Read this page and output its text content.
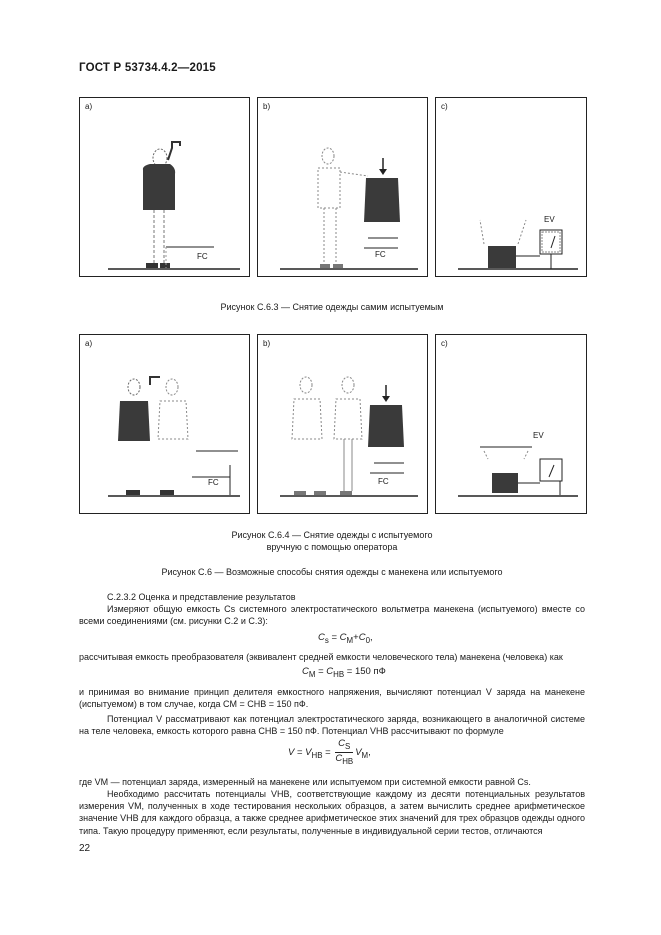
ГОСТ Р 53734.4.2—2015
a)
FC
b)
FC
c)
EV
Рисунок С.6.3 — Снятие одежды самим испытуемым
a)
FC
b)
FC
c)
EV
Рисунок С.6.4 — Снятие одежды с испытуемого
вручную с помощью оператора
Рисунок С.6 — Возможные способы снятия одежды с манекена или испытуемого
С.2.3.2 Оценка и представление результатов

Измеряют общую емкость Cs системного электростатического вольтметра манекена (испытуемого) вместе со всеми соединениями (см. рисунки С.2 и С.3):

$C_s = C_M+C_0$,

рассчитывая емкость преобразователя (эквивалент средней емкости человеческого тела) манекена (человека) как

$C_M = C_{HB} = 150$ пФ

и принимая во внимание принцип делителя емкостного напряжения, вычисляют потенциал V заряда на манекене (испытуемом) в том случае, когда CM = CHB = 150 пФ.

Потенциал V рассматривают как потенциал электростатического заряда, возникающего в аналогичной системе на теле человека, емкость которого равна CHB = 150 пФ. Потенциал VHB рассчитывают по формуле

$V = V_{HB} = \frac{C_S}{C_{HB}} V_M$,

где VM — потенциал заряда, измеренный на манекене или испытуемом при системной емкости равной Cs.

Необходимо рассчитать потенциалы VHB, соответствующие каждому из десяти потенциальных результатов измерения VM, полученных в ходе тестирования нескольких образцов, а затем вычислить среднее арифметическое значение VHB для каждого образца, а также среднее арифметическое этих значений для трех образцов одежды одного типа. Такую процедуру применяют, если результаты, полученные в индивидуальной серии тестов, отличаются

22
